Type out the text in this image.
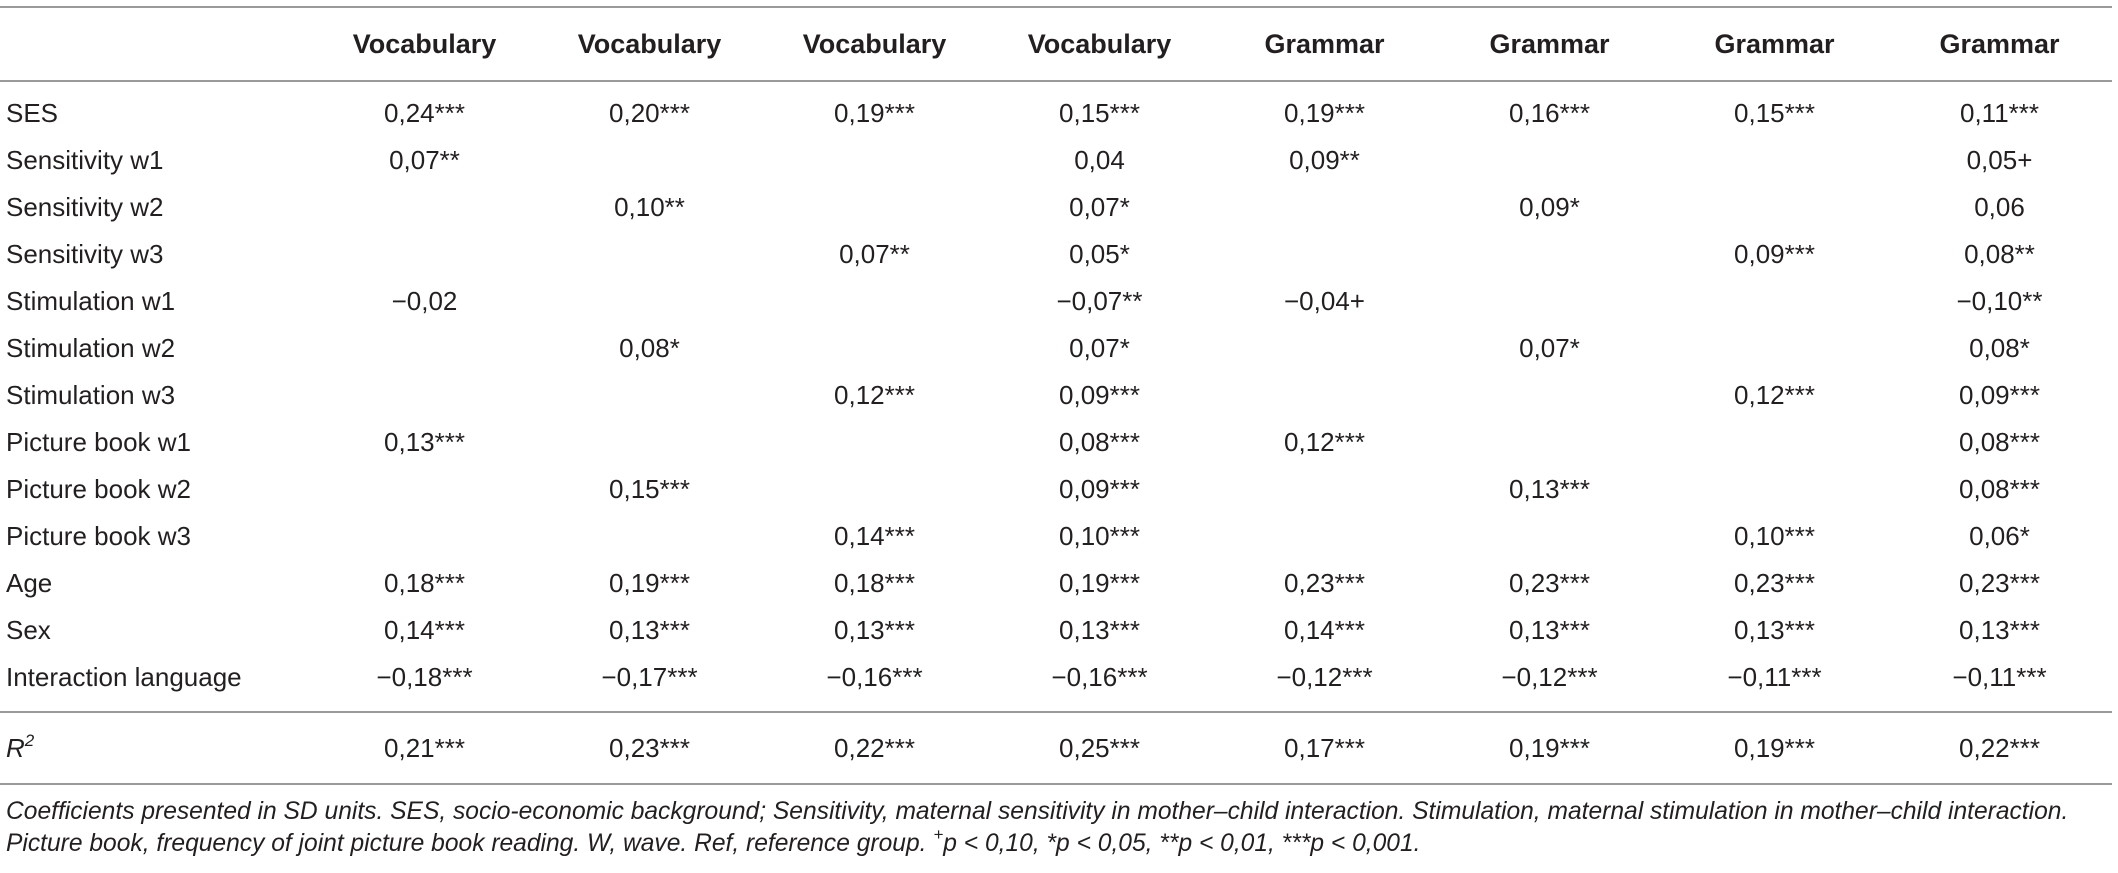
	Vocabulary	Vocabulary	Vocabulary	Vocabulary	Grammar	Grammar	Grammar	Grammar
SES	0,24***	0,20***	0,19***	0,15***	0,19***	0,16***	0,15***	0,11***
Sensitivity w1	0,07**			0,04	0,09**			0,05+
Sensitivity w2		0,10**		0,07*		0,09*		0,06
Sensitivity w3			0,07**	0,05*			0,09***	0,08**
Stimulation w1	−0,02			−0,07**	−0,04+			−0,10**
Stimulation w2		0,08*		0,07*		0,07*		0,08*
Stimulation w3			0,12***	0,09***			0,12***	0,09***
Picture book w1	0,13***			0,08***	0,12***			0,08***
Picture book w2		0,15***		0,09***		0,13***		0,08***
Picture book w3			0,14***	0,10***			0,10***	0,06*
Age	0,18***	0,19***	0,18***	0,19***	0,23***	0,23***	0,23***	0,23***
Sex	0,14***	0,13***	0,13***	0,13***	0,14***	0,13***	0,13***	0,13***
Interaction language	−0,18***	−0,17***	−0,16***	−0,16***	−0,12***	−0,12***	−0,11***	−0,11***
$R^2$	0,21***	0,23***	0,22***	0,25***	0,17***	0,19***	0,19***	0,22***
Coefficients presented in SD units. SES, socio-economic background; Sensitivity, maternal sensitivity in mother–child interaction. Stimulation, maternal stimulation in mother–child interaction. Picture book, frequency of joint picture book reading. W, wave. Ref, reference group. +p < 0,10, *p < 0,05, **p < 0,01, ***p < 0,001.
